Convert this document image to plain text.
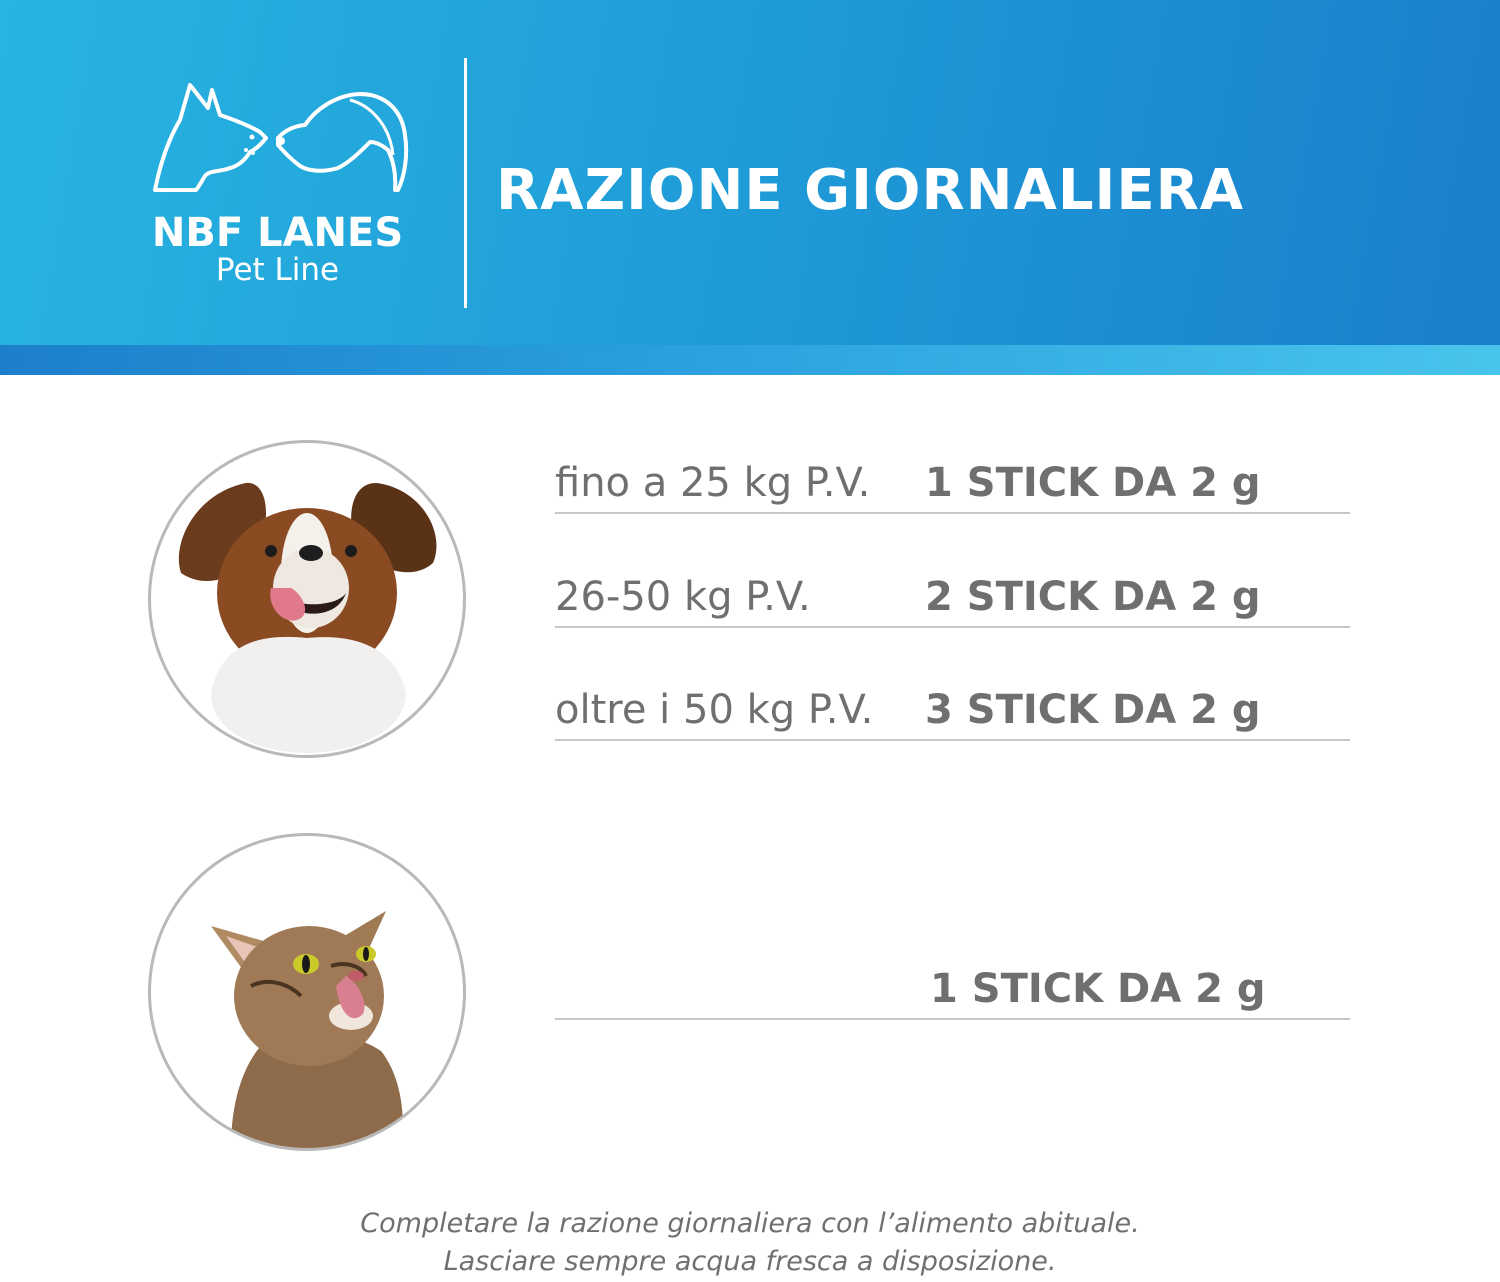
NBF LANES
Pet Line
RAZIONE GIORNALIERA
fino a 25 kg P.V. 1 STICK DA 2 g
26-50 kg P.V.	2 STICK DA 2 g
oltre i 50 kg P.V. 3 STICK DA 2 g
1 STICK DA 2 g
Completare la razione giornaliera con l’alimento abituale.
Lasciare sempre acqua fresca a disposizione.
